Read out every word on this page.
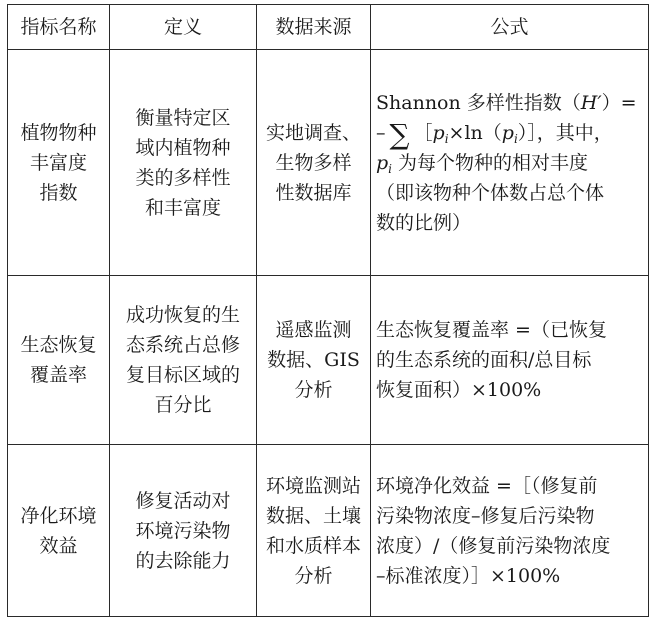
指标名称	定义	数据来源	公式

植物物种
丰富度
指数	衡量特定区
域内植物种
类的多样性
和丰富度	实地调查、
生物多样
性数据库	Shannon 多样性指数（H′）=
– ∑ $[p_i\times\ln(p_i)]$，其中，
$p_i$ 为每个物种的相对丰度
（即该物种个体数占总个体
数的比例）

生态恢复
覆盖率	成功恢复的生
态系统占总修
复目标区域的
百分比	遥感监测
数据、GIS
分析	生态恢复覆盖率 =（已恢复
的生态系统的面积/总目标
恢复面积）×100%

净化环境
效益	修复活动对
环境污染物
的去除能力	环境监测站
数据、土壤
和水质样本
分析	环境净化效益 =［（修复前
污染物浓度–修复后污染物
浓度）/（修复前污染物浓度
–标准浓度）］×100%
